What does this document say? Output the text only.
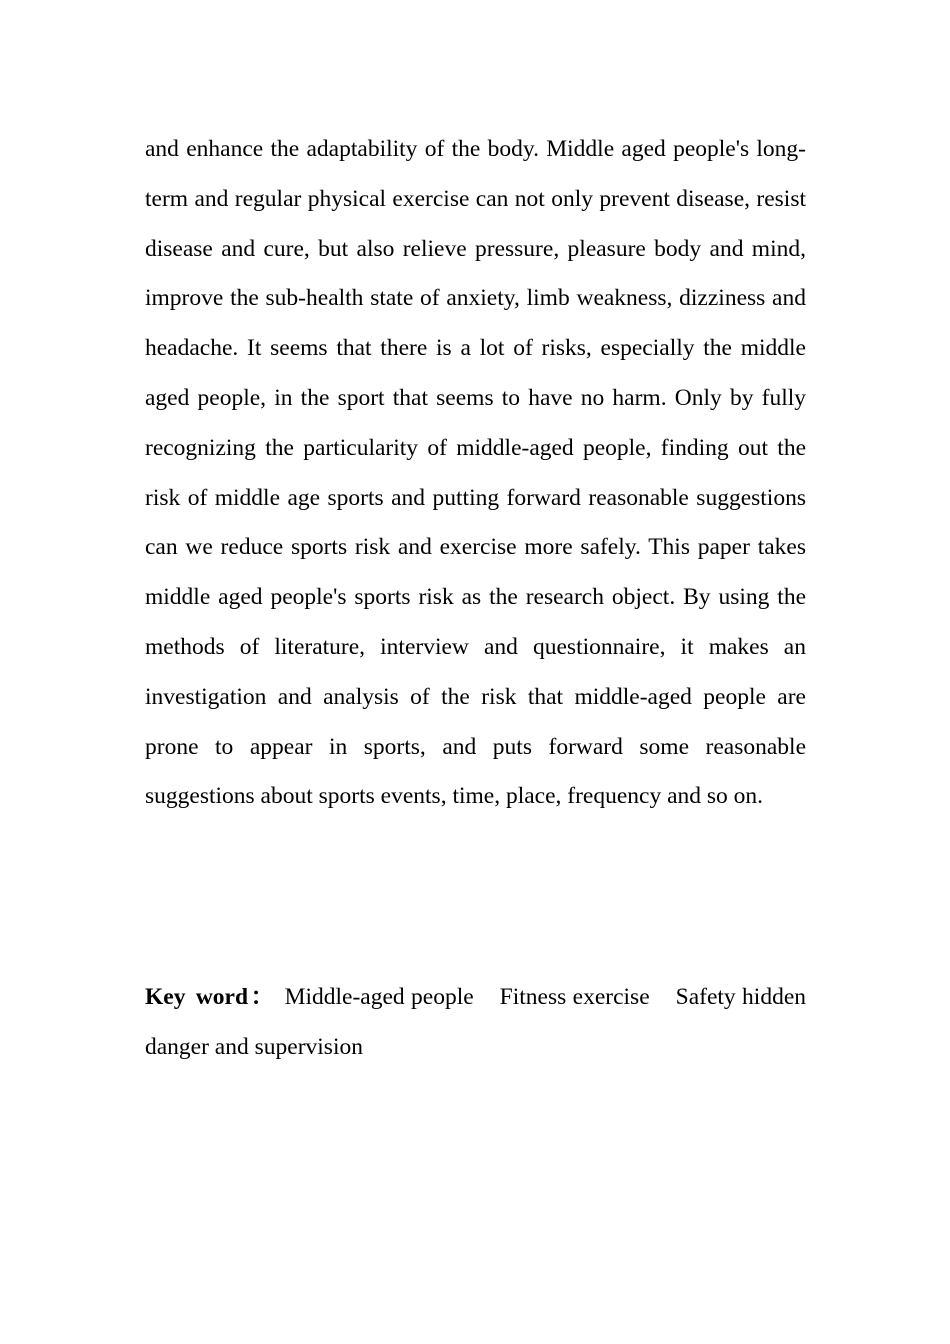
and enhance the adaptability of the body. Middle aged people's long-term and regular physical exercise can not only prevent disease, resist disease and cure, but also relieve pressure, pleasure body and mind, improve the sub-health state of anxiety, limb weakness, dizziness and headache. It seems that there is a lot of risks, especially the middle aged people, in the sport that seems to have no harm. Only by fully recognizing the particularity of middle-aged people, finding out the risk of middle age sports and putting forward reasonable suggestions can we reduce sports risk and exercise more safely. This paper takes middle aged people's sports risk as the research object. By using the methods of literature, interview and questionnaire, it makes an investigation and analysis of the risk that middle-aged people are prone to appear in sports, and puts forward some reasonable suggestions about sports events, time, place, frequency and so on.

Key word： Middle-aged people Fitness exercise Safety hidden danger and supervision
